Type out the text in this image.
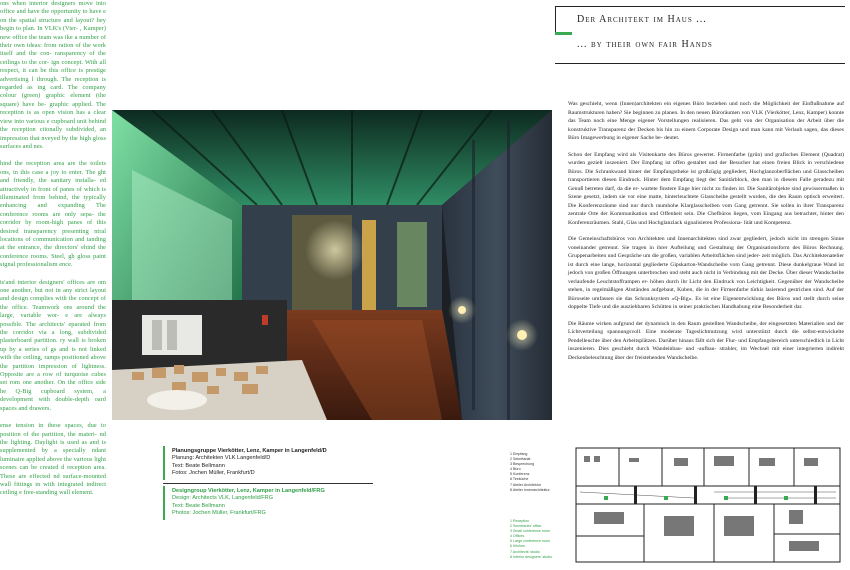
ons when interior designers move into office and have the opportunity to have e on the spatial structure and layout? hey begin to plan. In VLK's (Vier- , Kamper) new office the team was ike a number of their own ideas: from ration of the work itself and the con- ransparency of the ceilings to the cor- ign concept. With all respect, it can be this office is prestige advertising l through. The reception is regarded as ing card. The company colour (green) graphic element (the square) have be- graphic applied. The reception is as open vision has a clear view into various e cupboard unit behind the reception ctionally subdivided, an impression that nveyed by the high gloss surfaces and nes.

hind the reception area are the toilets ons, in this case a joy to enter. The ght and friendly, the sanitary installa- ed attractively in front of panes of which is illuminated from behind, the typically enhancing and expanding The conference rooms are only sepa- the corridor by room-high panes of this desired transparency presenting ntral locations of communication and tanding at the entrance, the directors' ehind the conference rooms. Steel, gh gloss paint signal professionalism ence.

ts'and interior designers' offices are om one another, but not in any strict layout and design complies with the concept of the office. Teamwork ons around the large, variable wor- e are always possible. The architects' eparated from the corridor via a long, subdivided plasterboard partition. ry wall is broken up by a series of gs and is not linked with the ceiling, ramps positioned above the partition impression of lightness. Opposite are a row of turquoise cubes set rom one another. On the office side he Q-Big cupboard system, a development with double-depth oard spaces and drawers.

ense tension in these spaces, due to position of the partition, the materi- nd the lighting. Daylight is used as and is supplemented by a specially ndant luminaire applied above the various light scenes can be created d reception area. These are effected nd surface-mounted wall fittings in with integrated indirect ceiling e free-standing wall element.

Der Architekt im Haus ...
... by their own fair Hands

Was geschieht, wenn (Innen)architekten ein eigenes Büro beziehen und noch die Möglichkeit der Einflußnahme auf Raumstrukturen haben? Sie beginnen zu planen. In den neuen Büroräumen von VLK (Vierkötter, Lenz, Kamper) konnte das Team noch eine Menge eigener Vorstellungen realisieren. Das geht von der Organisation der Arbeit über die konstruktive Transparenz der Decken bis hin zu einem Corporate Design und man kann mit Verlaub sagen, das dieses Büro Imagewerbung in eigener Sache be- deutet.

Schon der Empfang wird als Visitenkarte des Büros gewertet. Firmenfarbe (grün) und grafisches Element (Quadrat) wurden gezielt inszeniert. Der Empfang ist offen gestaltet und der Besucher hat einen freien Blick in verschiedene Büros. Die Schrankwand hinter der Empfangstheke ist großzügig gegliedert, Hochglanzoberflächen und Glasscheiben transportieren diesen Eindruck. Hinter dem Empfang liegt der Sanitärblock, den man in diesem Falle geradezu mit Genuß betreten darf, da die er- wartete finstere Enge hier nicht zu finden ist. Die Sanitärobjekte sind gewissermaßen in Szene gesetzt, indem sie vor eine matte, hinterleuchtete Glasscheibe gestellt wurden, die den Raum optisch erweitert. Die Konferenzräume sind nur durch raumhohe Klarglasscheiben vom Gang getrennt. Sie sollen in ihrer Transparenz zentrale Orte der Kommunikation und Offenheit sein. Die Chefbüros liegen, vom Eingang aus betrachtet, hinter den Konferenzräumen. Stahl, Glas und Hochglanzlack signalisieren Professiona- lität und Kompetenz.

Die Gemeinschaftsbüros von Architekten und Innenarchitekten sind zwar gegliedert, jedoch nicht im strengen Sinne voneinander getrennt. Sie tragen in ihrer Aufteilung und Gestaltung der Organisationsform des Büros Rechnung. Gruppenarbeiten und Gespräche um die großen, variablen Arbeitsflächen sind jeder- zeit möglich. Das Architektenatelier ist durch eine lange, horizontal gegliederte Gipskarton-Wandscheibe vom Gang getrennt. Diese dunkelgraue Wand ist jedoch von großen Öffnungen unterbrochen und steht auch nicht in Verbindung mit der Decke. Über dieser Wandscheibe verlaufende Leuchtstofframpen er- höhen durch ihr Licht den Eindruck von Leichtigkeit. Gegenüber der Wandscheibe stehen, in regelmäßigen Abständen aufgebaut, Kuben, die in der Firmenfarbe türkis lasierend gestrichen sind. Auf der Büroseite umfassen sie das Schranksystem »Q-Big«. Es ist eine Eigenentwicklung des Büros und stellt durch seine doppelte Tiefe und die ausziehbaren Schütten in seiner praktischen Handhabung eine Besonderheit dar.

Die Räume wirken aufgrund der dynamisch in den Raum gestellten Wandscheibe, der eingesetzten Materialien und der Lichtverteilung spannungsvoll. Eine moderate Tageslichtnutzung wird unterstützt durch die selbst-entwickelte Pendelleuchte über den Arbeitsplätzen. Darüber hinaus fällt sich der Flur- und Empfangsbereich unterschiedlich in Licht inszenieren. Dies geschieht durch Wandeinbau- und -aufbau- strahler, im Wechsel mit einer integrierten indirekt Deckenbeleuchtung über der freistehenden Wandscheibe.

Planungsgruppe Vierkötter, Lenz, Kamper in Langenfeld/D
Planung: Architekten VLK Langenfeld/D
Text: Beate Bellmann
Fotos: Jochen Müller, Frankfurt/D
Designgroup Vierkötter, Lenz, Kamper in Langenfeld/FRG
Design: Architects VLK, Langenfeld/FRG
Text: Beate Bellmann
Photos: Jochen Müller, Frankfurt/FRG
1 Empfang
2 Sekretariat
3 Besprechung
4 Büro
5 Konferenz
6 Teeküche
7 Atelier Architektur
8 Atelier Innenarchitektur
1 Reception
2 Secretaries' office
3 Small conference room
4 Offices
5 Large conference room
6 Kitchen
7 Architects' studio
8 Interior designers' studio
